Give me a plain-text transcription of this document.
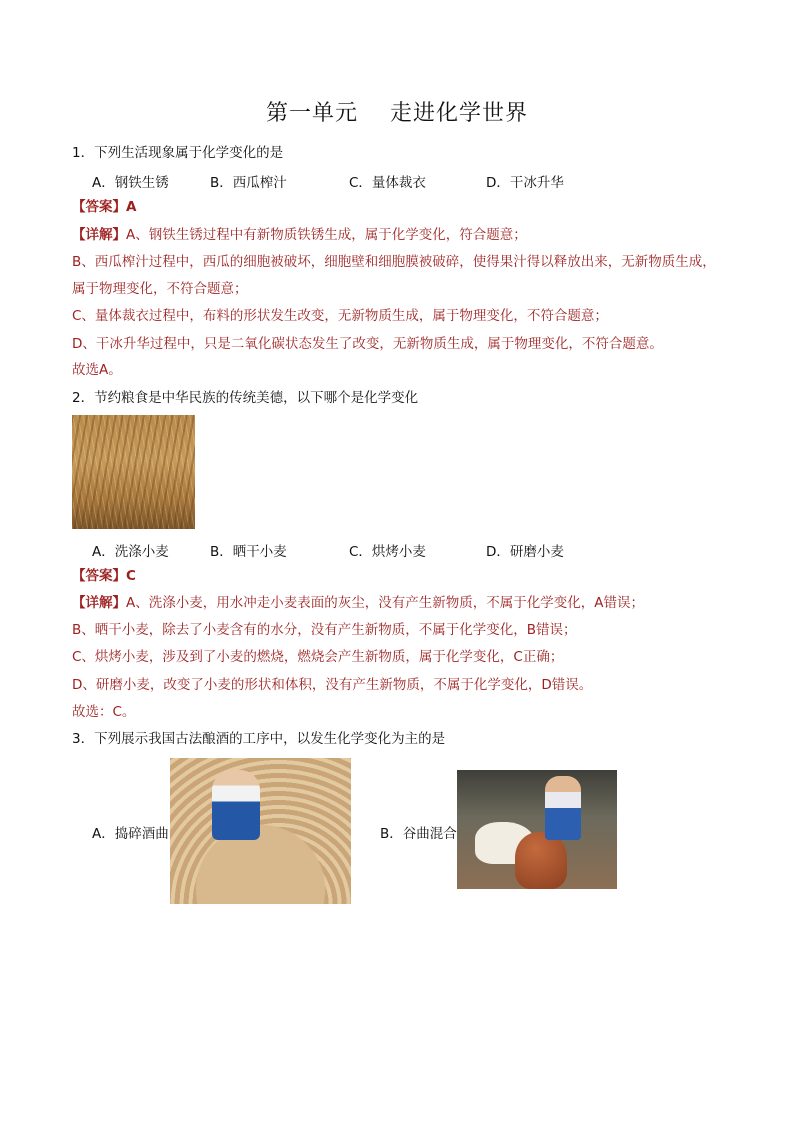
第一单元    走进化学世界
1．下列生活现象属于化学变化的是
A．钢铁生锈	B．西瓜榨汁	C．量体裁衣	D．干冰升华
【答案】A
【详解】A、钢铁生锈过程中有新物质铁锈生成，属于化学变化，符合题意；
B、西瓜榨汁过程中，西瓜的细胞被破坏，细胞壁和细胞膜被破碎，使得果汁得以释放出来，无新物质生成，
属于物理变化，不符合题意；
C、量体裁衣过程中，布料的形状发生改变，无新物质生成，属于物理变化，不符合题意；
D、干冰升华过程中，只是二氧化碳状态发生了改变，无新物质生成，属于物理变化，不符合题意。
故选A。
2．节约粮食是中华民族的传统美德，以下哪个是化学变化
A．洗涤小麦	B．晒干小麦	C．烘烤小麦	D．研磨小麦
【答案】C
【详解】A、洗涤小麦，用水冲走小麦表面的灰尘，没有产生新物质，不属于化学变化，A错误；
B、晒干小麦，除去了小麦含有的水分，没有产生新物质，不属于化学变化，B错误；
C、烘烤小麦，涉及到了小麦的燃烧，燃烧会产生新物质，属于化学变化，C正确；
D、研磨小麦，改变了小麦的形状和体积，没有产生新物质，不属于化学变化，D错误。
故选：C。
3．下列展示我国古法酿酒的工序中，以发生化学变化为主的是
A．捣碎酒曲	B．谷曲混合
